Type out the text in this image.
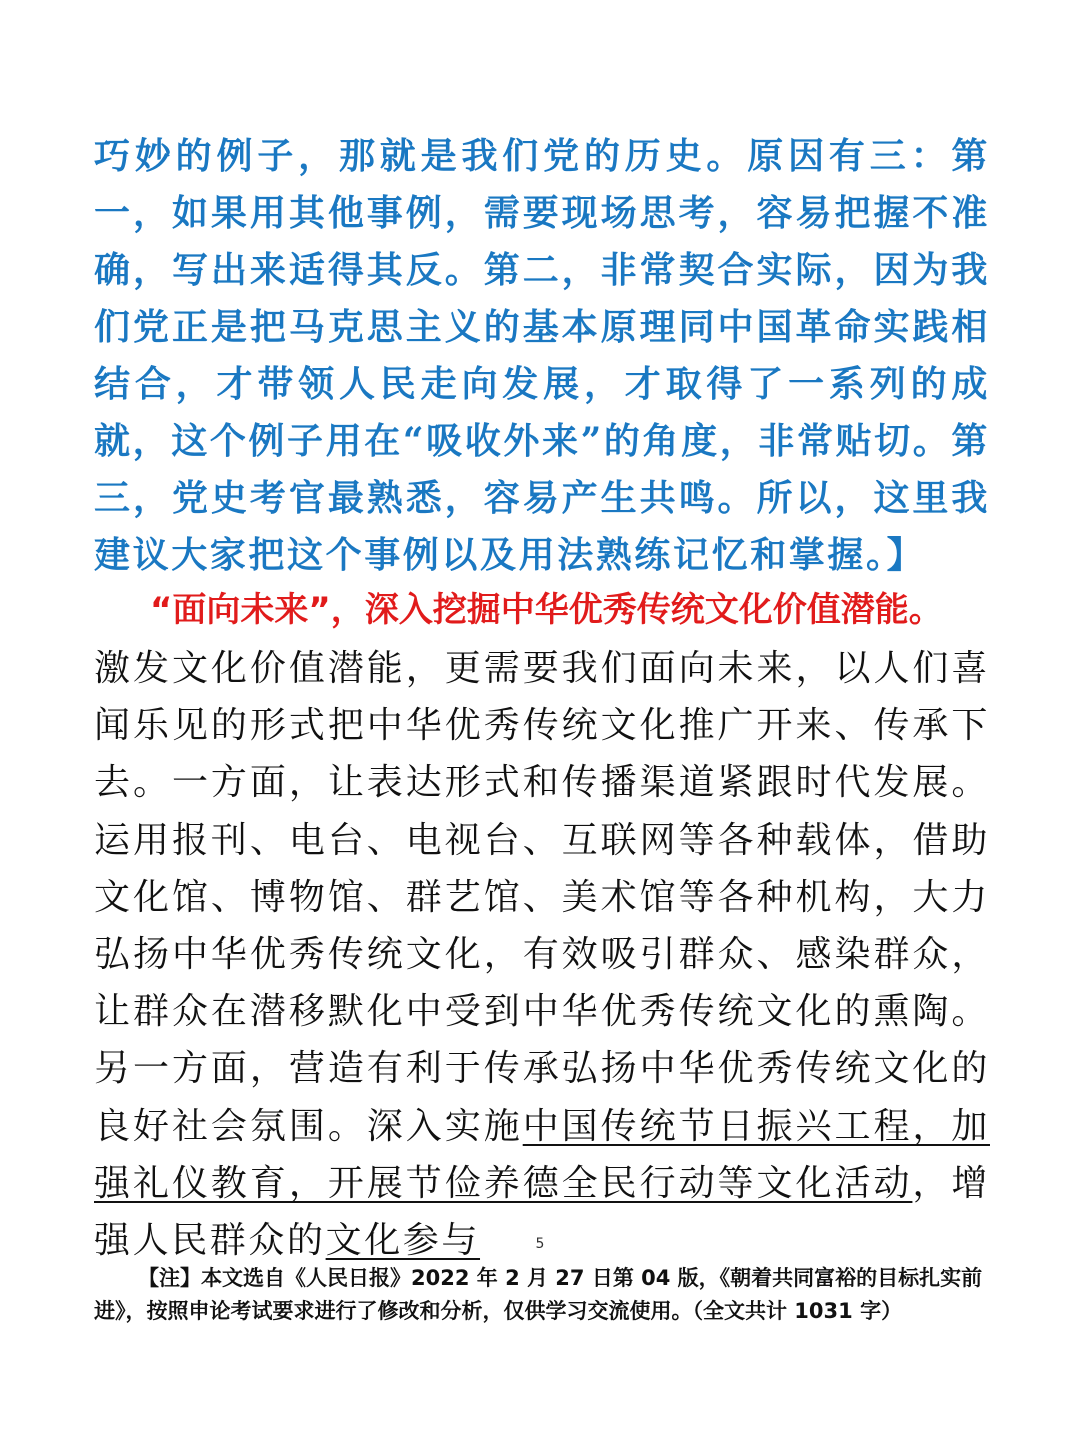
巧妙的例子，那就是我们党的历史。原因有三：第一，如果用其他事例，需要现场思考，容易把握不准确，写出来适得其反。第二，非常契合实际，因为我们党正是把马克思主义的基本原理同中国革命实践相结合，才带领人民走向发展，才取得了一系列的成就，这个例子用在“吸收外来”的角度，非常贴切。第三，党史考官最熟悉，容易产生共鸣。所以，这里我建议大家把这个事例以及用法熟练记忆和掌握。】
“面向未来”，深入挖掘中华优秀传统文化价值潜能。
激发文化价值潜能，更需要我们面向未来，以人们喜闻乐见的形式把中华优秀传统文化推广开来、传承下去。一方面，让表达形式和传播渠道紧跟时代发展。运用报刊、电台、电视台、互联网等各种载体，借助文化馆、博物馆、群艺馆、美术馆等各种机构，大力弘扬中华优秀传统文化，有效吸引群众、感染群众，让群众在潜移默化中受到中华优秀传统文化的熏陶。另一方面，营造有利于传承弘扬中华优秀传统文化的良好社会氛围。深入实施中国传统节日振兴工程，加强礼仪教育，开展节俭养德全民行动等文化活动，增强人民群众的文化参与	5
【注】本文选自《人民日报》2022 年 2 月 27 日第 04 版，《朝着共同富裕的目标扎实前进》，按照申论考试要求进行了修改和分析，仅供学习交流使用。（全文共计 1031 字）
